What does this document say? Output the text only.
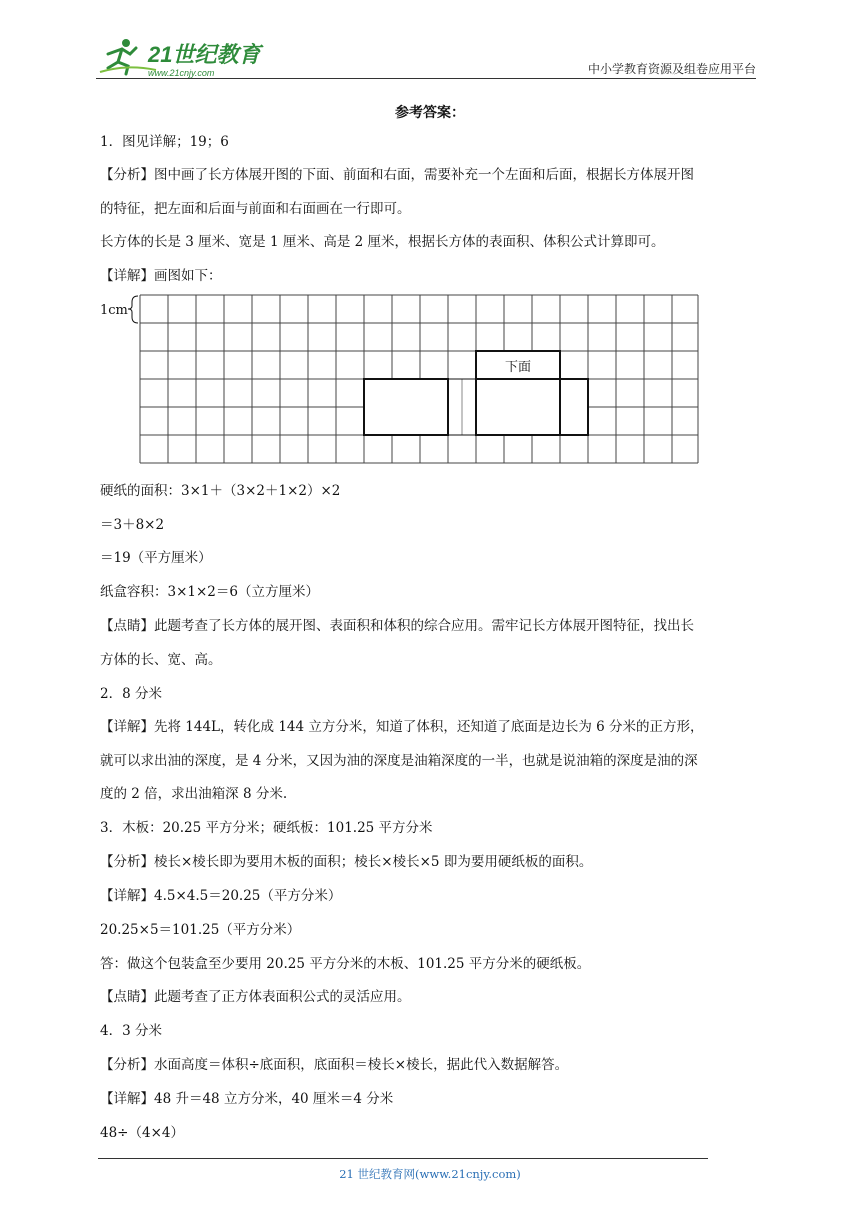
21世纪教育
www.21cnjy.com	中小学教育资源及组卷应用平台
参考答案：
1．图见详解；19；6
【分析】图中画了长方体展开图的下面、前面和右面，需要补充一个左面和后面，根据长方体展开图
的特征，把左面和后面与前面和右面画在一行即可。
长方体的长是 3 厘米、宽是 1 厘米、高是 2 厘米，根据长方体的表面积、体积公式计算即可。
【详解】画图如下：
下面
1cm
硬纸的面积：3×1＋（3×2＋1×2）×2
＝3＋8×2
＝19（平方厘米）
纸盒容积：3×1×2＝6（立方厘米）
【点睛】此题考查了长方体的展开图、表面积和体积的综合应用。需牢记长方体展开图特征，找出长
方体的长、宽、高。
2．8 分米
【详解】先将 144L，转化成 144 立方分米，知道了体积，还知道了底面是边长为 6 分米的正方形，
就可以求出油的深度，是 4 分米，又因为油的深度是油箱深度的一半，也就是说油箱的深度是油的深
度的 2 倍，求出油箱深 8 分米.
3．木板：20.25 平方分米；硬纸板：101.25 平方分米
【分析】棱长×棱长即为要用木板的面积；棱长×棱长×5 即为要用硬纸板的面积。
【详解】4.5×4.5＝20.25（平方分米）
20.25×5＝101.25（平方分米）
答：做这个包装盒至少要用 20.25 平方分米的木板、101.25 平方分米的硬纸板。
【点睛】此题考查了正方体表面积公式的灵活应用。
4．3 分米
【分析】水面高度＝体积÷底面积，底面积＝棱长×棱长，据此代入数据解答。
【详解】48 升＝48 立方分米，40 厘米＝4 分米
48÷（4×4）
21 世纪教育网(www.21cnjy.com)
